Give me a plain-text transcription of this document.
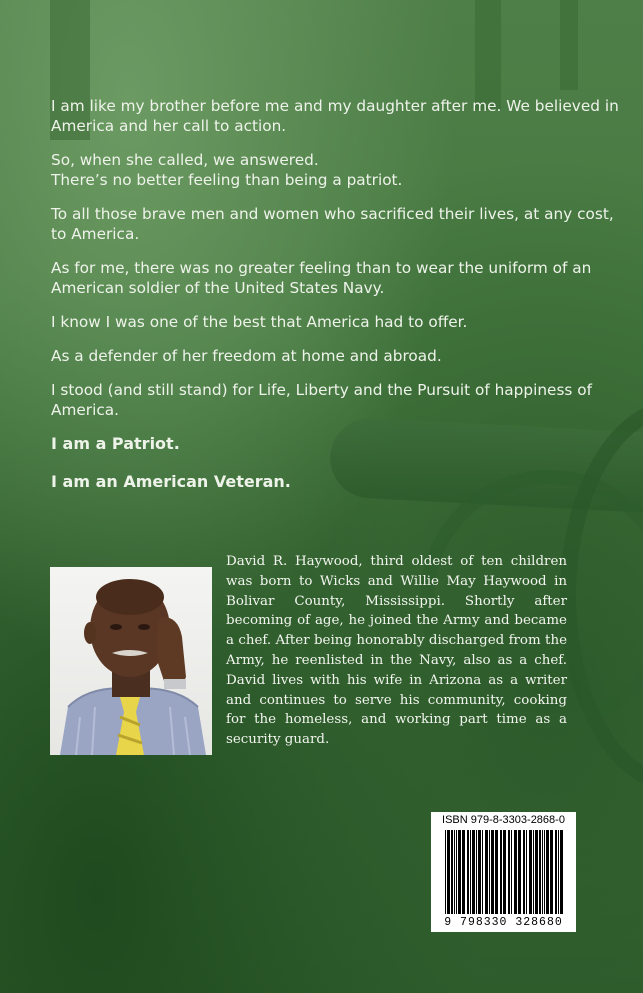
I am like my brother before me and my daughter after me. We believed in America and her call to action.

So, when she called, we answered.
There’s no better feeling than being a patriot.

To all those brave men and women who sacrificed their lives, at any cost, to America.

As for me, there was no greater feeling than to wear the uniform of an American soldier of the United States Navy.

I know I was one of the best that America had to offer.

As a defender of her freedom at home and abroad.

I stood (and still stand) for Life, Liberty and the Pursuit of happiness of America.

I am a Patriot.

I am an American Veteran.

David R. Haywood, third oldest of ten children was born to Wicks and Willie May Haywood in Bolivar County, Mississippi. Shortly after becoming of age, he joined the Army and became a chef. After being honorably discharged from the Army, he reenlisted in the Navy, also as a chef. David lives with his wife in Arizona as a writer and continues to serve his community, cooking for the homeless, and working part time as a security guard.
ISBN 979-8-3303-2868-0
9 798330 328680
